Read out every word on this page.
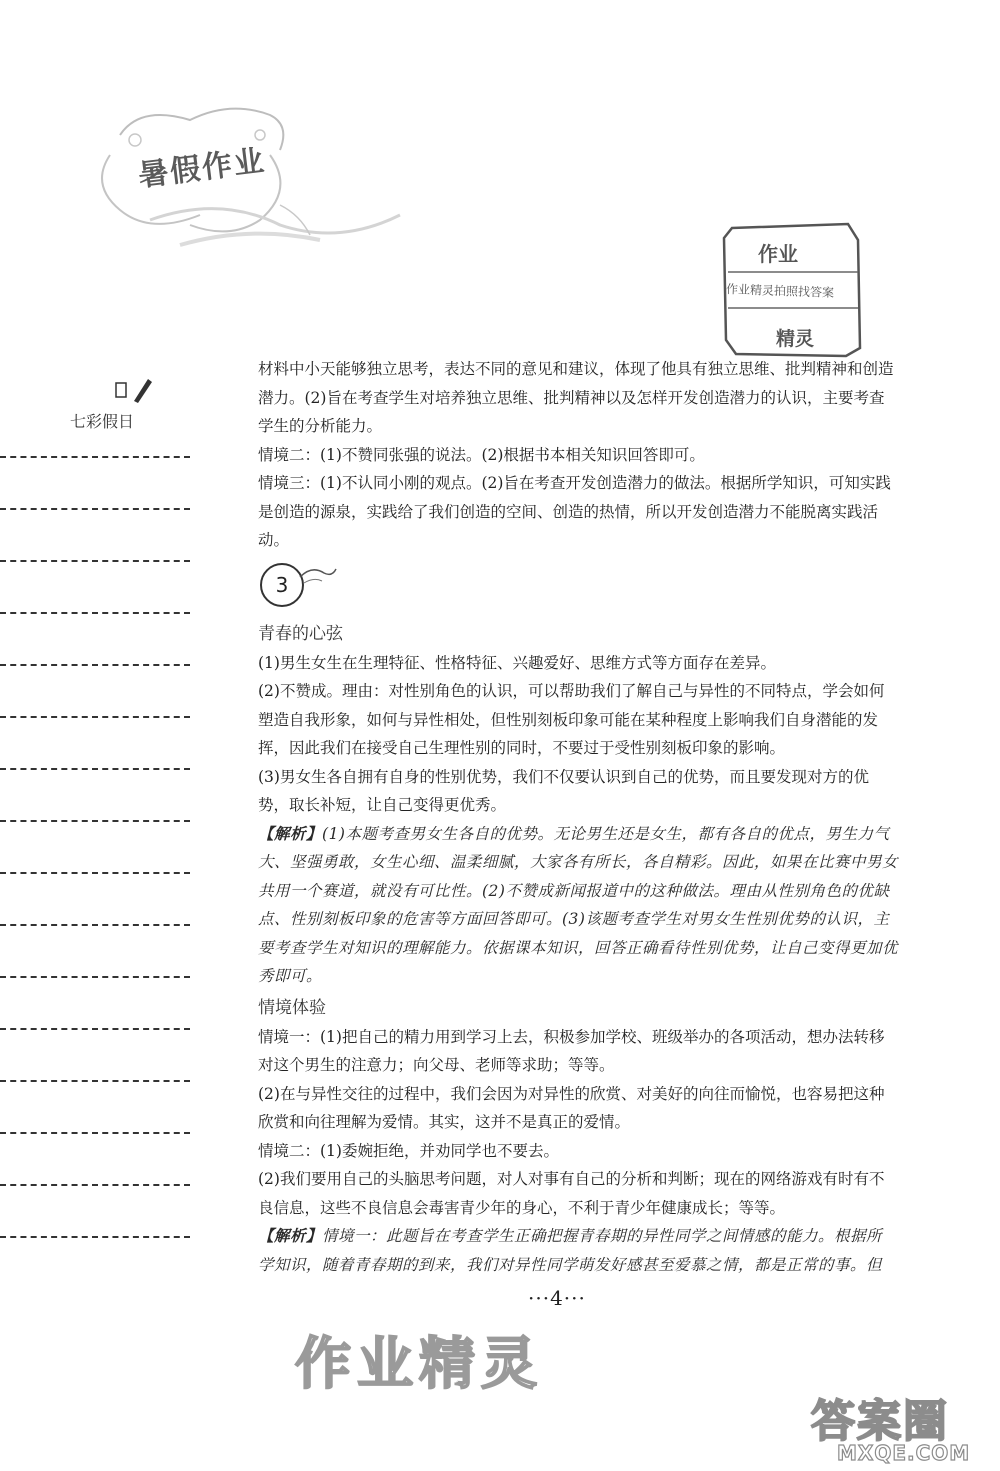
暑假作业
作业
作业精灵拍照找答案
精灵
七彩假日

材料中小天能够独立思考，表达不同的意见和建议，体现了他具有独立思维、批判精神和创造潜力。(2)旨在考查学生对培养独立思维、批判精神以及怎样开发创造潜力的认识，主要考查学生的分析能力。

情境二：(1)不赞同张强的说法。(2)根据书本相关知识回答即可。

情境三：(1)不认同小刚的观点。(2)旨在考查开发创造潜力的做法。根据所学知识，可知实践是创造的源泉，实践给了我们创造的空间、创造的热情，所以开发创造潜力不能脱离实践活动。

3
青春的心弦

(1)男生女生在生理特征、性格特征、兴趣爱好、思维方式等方面存在差异。

(2)不赞成。理由：对性别角色的认识，可以帮助我们了解自己与异性的不同特点，学会如何塑造自我形象，如何与异性相处，但性别刻板印象可能在某种程度上影响我们自身潜能的发挥，因此我们在接受自己生理性别的同时，不要过于受性别刻板印象的影响。

(3)男女生各自拥有自身的性别优势，我们不仅要认识到自己的优势，而且要发现对方的优势，取长补短，让自己变得更优秀。

【解析】(1)本题考查男女生各自的优势。无论男生还是女生，都有各自的优点，男生力气大、坚强勇敢，女生心细、温柔细腻，大家各有所长，各自精彩。因此，如果在比赛中男女共用一个赛道，就没有可比性。(2)不赞成新闻报道中的这种做法。理由从性别角色的优缺点、性别刻板印象的危害等方面回答即可。(3)该题考查学生对男女生性别优势的认识，主要考查学生对知识的理解能力。依据课本知识，回答正确看待性别优势，让自己变得更加优秀即可。

情境体验

情境一：(1)把自己的精力用到学习上去，积极参加学校、班级举办的各项活动，想办法转移对这个男生的注意力；向父母、老师等求助；等等。

(2)在与异性交往的过程中，我们会因为对异性的欣赏、对美好的向往而愉悦，也容易把这种欣赏和向往理解为爱情。其实，这并不是真正的爱情。

情境二：(1)委婉拒绝，并劝同学也不要去。

(2)我们要用自己的头脑思考问题，对人对事有自己的分析和判断；现在的网络游戏有时有不良信息，这些不良信息会毒害青少年的身心，不利于青少年健康成长；等等。

【解析】情境一：此题旨在考查学生正确把握青春期的异性同学之间情感的能力。根据所学知识，随着青春期的到来，我们对异性同学萌发好感甚至爱慕之情，都是正常的事。但

···4···
作业精灵
答案圈
MXQE.COM
